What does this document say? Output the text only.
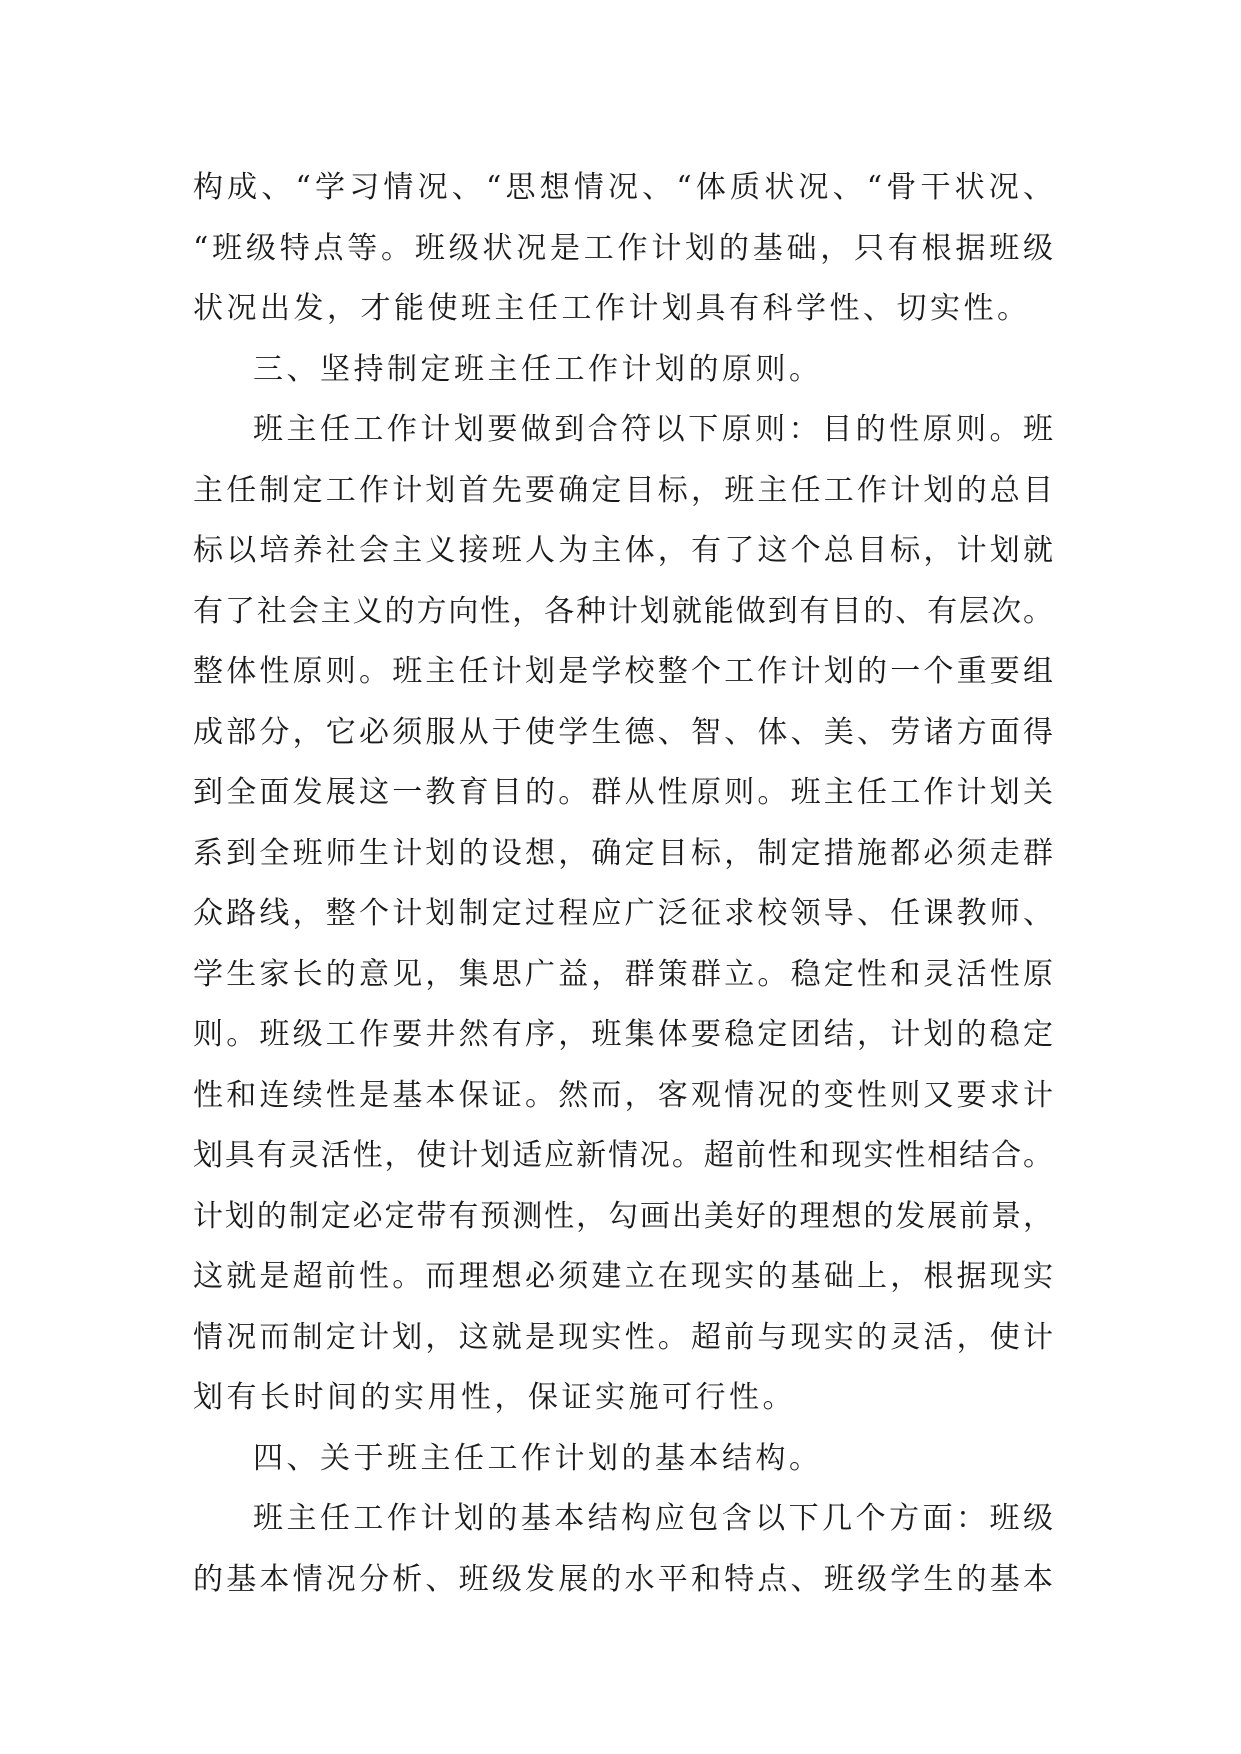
构成、“学习情况、“思想情况、“体质状况、“骨干状况、
“班级特点等。班级状况是工作计划的基础，只有根据班级
状况出发，才能使班主任工作计划具有科学性、切实性。
三、坚持制定班主任工作计划的原则。
班主任工作计划要做到合符以下原则：目的性原则。班
主任制定工作计划首先要确定目标，班主任工作计划的总目
标以培养社会主义接班人为主体，有了这个总目标，计划就
有了社会主义的方向性，各种计划就能做到有目的、有层次。
整体性原则。班主任计划是学校整个工作计划的一个重要组
成部分，它必须服从于使学生德、智、体、美、劳诸方面得
到全面发展这一教育目的。群从性原则。班主任工作计划关
系到全班师生计划的设想，确定目标，制定措施都必须走群
众路线，整个计划制定过程应广泛征求校领导、任课教师、
学生家长的意见，集思广益，群策群立。稳定性和灵活性原
则。班级工作要井然有序，班集体要稳定团结，计划的稳定
性和连续性是基本保证。然而，客观情况的变性则又要求计
划具有灵活性，使计划适应新情况。超前性和现实性相结合。
计划的制定必定带有预测性，勾画出美好的理想的发展前景，
这就是超前性。而理想必须建立在现实的基础上，根据现实
情况而制定计划，这就是现实性。超前与现实的灵活，使计
划有长时间的实用性，保证实施可行性。
四、关于班主任工作计划的基本结构。
班主任工作计划的基本结构应包含以下几个方面：班级
的基本情况分析、班级发展的水平和特点、班级学生的基本
